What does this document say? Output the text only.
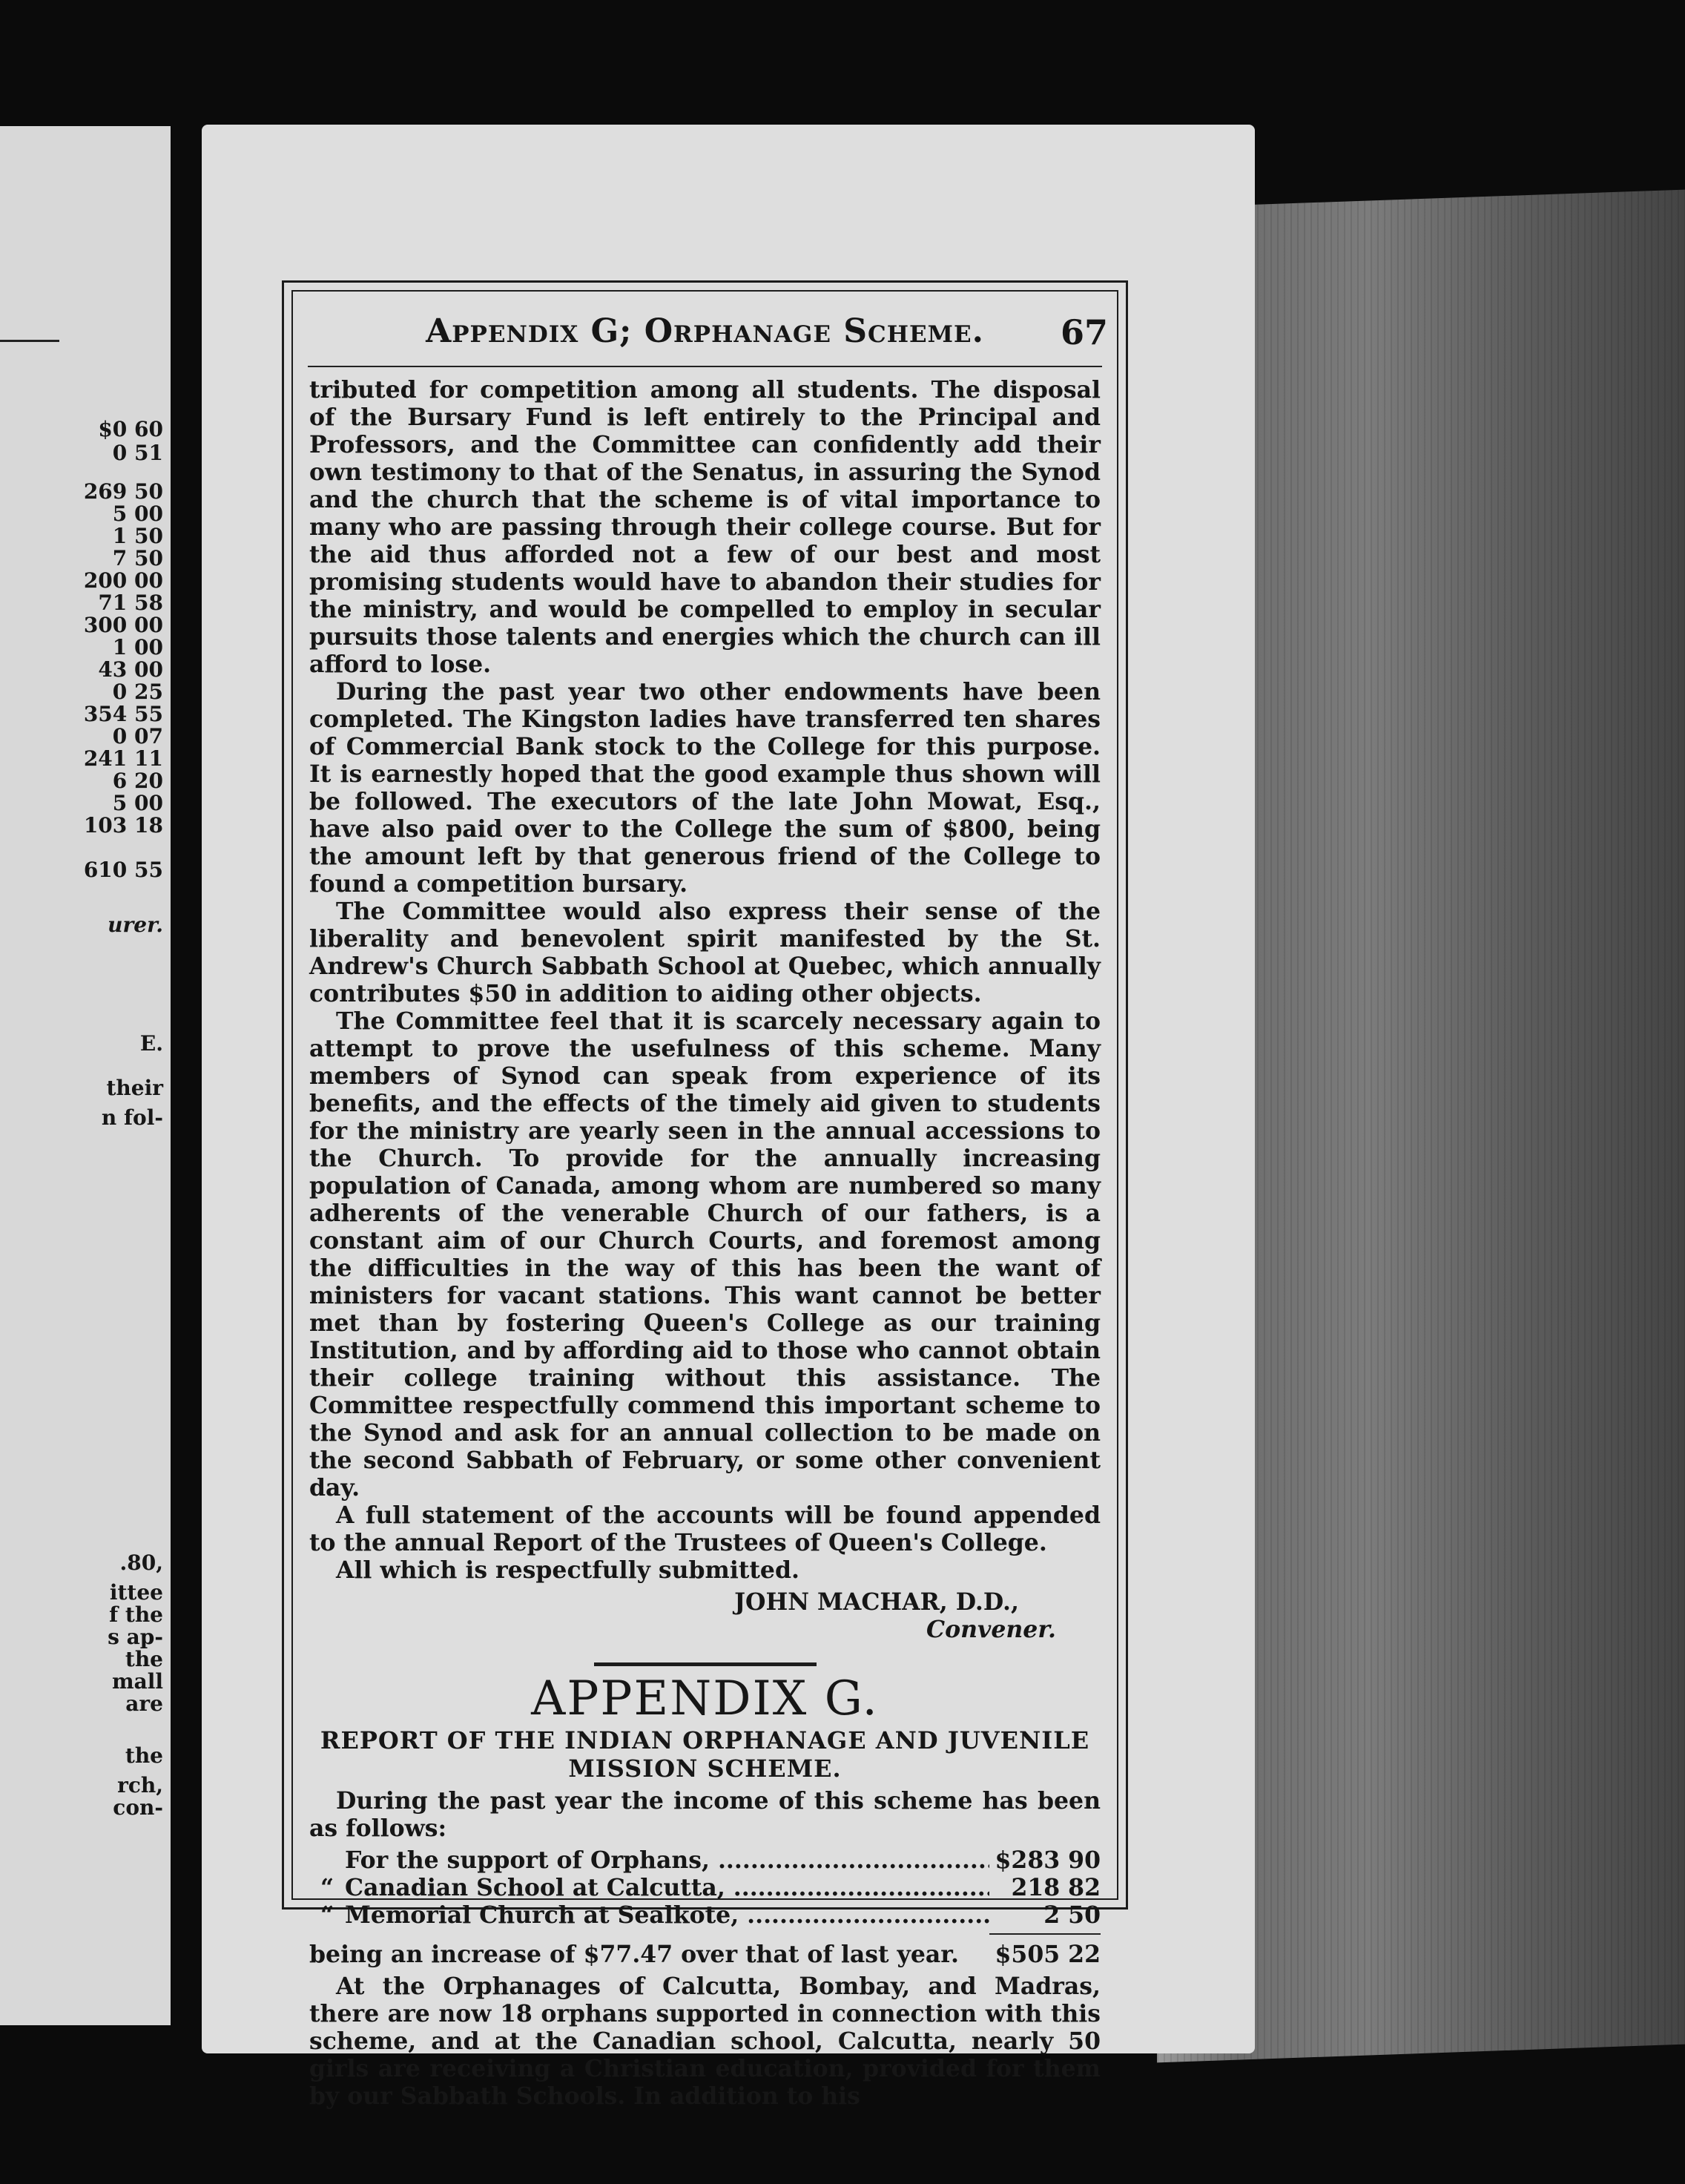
$0 60
0 51
269 50
5 00
1 50
7 50
200 00
71 58
300 00
1 00
43 00
0 25
354 55
0 07
241 11
6 20
5 00
103 18
610 55
urer.
E.
their
n fol-
.80,
ittee
f the
s ap-
the
mall
are
the
rch,
con-
Appendix G; Orphanage Scheme.	67

tributed for competition among all students. The disposal of the Bursary Fund is left entirely to the Principal and Professors, and the Committee can confidently add their own testimony to that of the Senatus, in assuring the Synod and the church that the scheme is of vital importance to many who are passing through their college course. But for the aid thus afforded not a few of our best and most promising students would have to abandon their studies for the ministry, and would be compelled to employ in secular pursuits those talents and energies which the church can ill afford to lose.

During the past year two other endowments have been completed. The Kingston ladies have transferred ten shares of Commercial Bank stock to the College for this purpose. It is earnestly hoped that the good example thus shown will be followed. The executors of the late John Mowat, Esq., have also paid over to the College the sum of $800, being the amount left by that generous friend of the College to found a competition bursary.

The Committee would also express their sense of the liberality and benevolent spirit manifested by the St. Andrew's Church Sabbath School at Quebec, which annually contributes $50 in addition to aiding other objects.

The Committee feel that it is scarcely necessary again to attempt to prove the usefulness of this scheme. Many members of Synod can speak from experience of its benefits, and the effects of the timely aid given to students for the ministry are yearly seen in the annual accessions to the Church. To provide for the annually increasing population of Canada, among whom are numbered so many adherents of the venerable Church of our fathers, is a constant aim of our Church Courts, and foremost among the difficulties in the way of this has been the want of ministers for vacant stations. This want cannot be better met than by fostering Queen's College as our training Institution, and by affording aid to those who cannot obtain their college training without this assistance. The Committee respectfully commend this important scheme to the Synod and ask for an annual collection to be made on the second Sabbath of February, or some other convenient day.

A full statement of the accounts will be found appended to the annual Report of the Trustees of Queen's College.

All which is respectfully submitted.

JOHN MACHAR, D.D.,
Convener.
APPENDIX G.
REPORT OF THE INDIAN ORPHANAGE AND JUVENILE MISSION SCHEME.

During the past year the income of this scheme has been as follows:

For the support of Orphans, .....	$283 90
“ Canadian School at Calcutta, .....	218 82
“ Memorial Church at Sealkote, .....	2 50
being an increase of $77.47 over that of last year.	$505 22

At the Orphanages of Calcutta, Bombay, and Madras, there are now 18 orphans supported in connection with this scheme, and at the Canadian school, Calcutta, nearly 50 girls are receiving a Christian education, provided for them by our Sabbath Schools. In addition to his
